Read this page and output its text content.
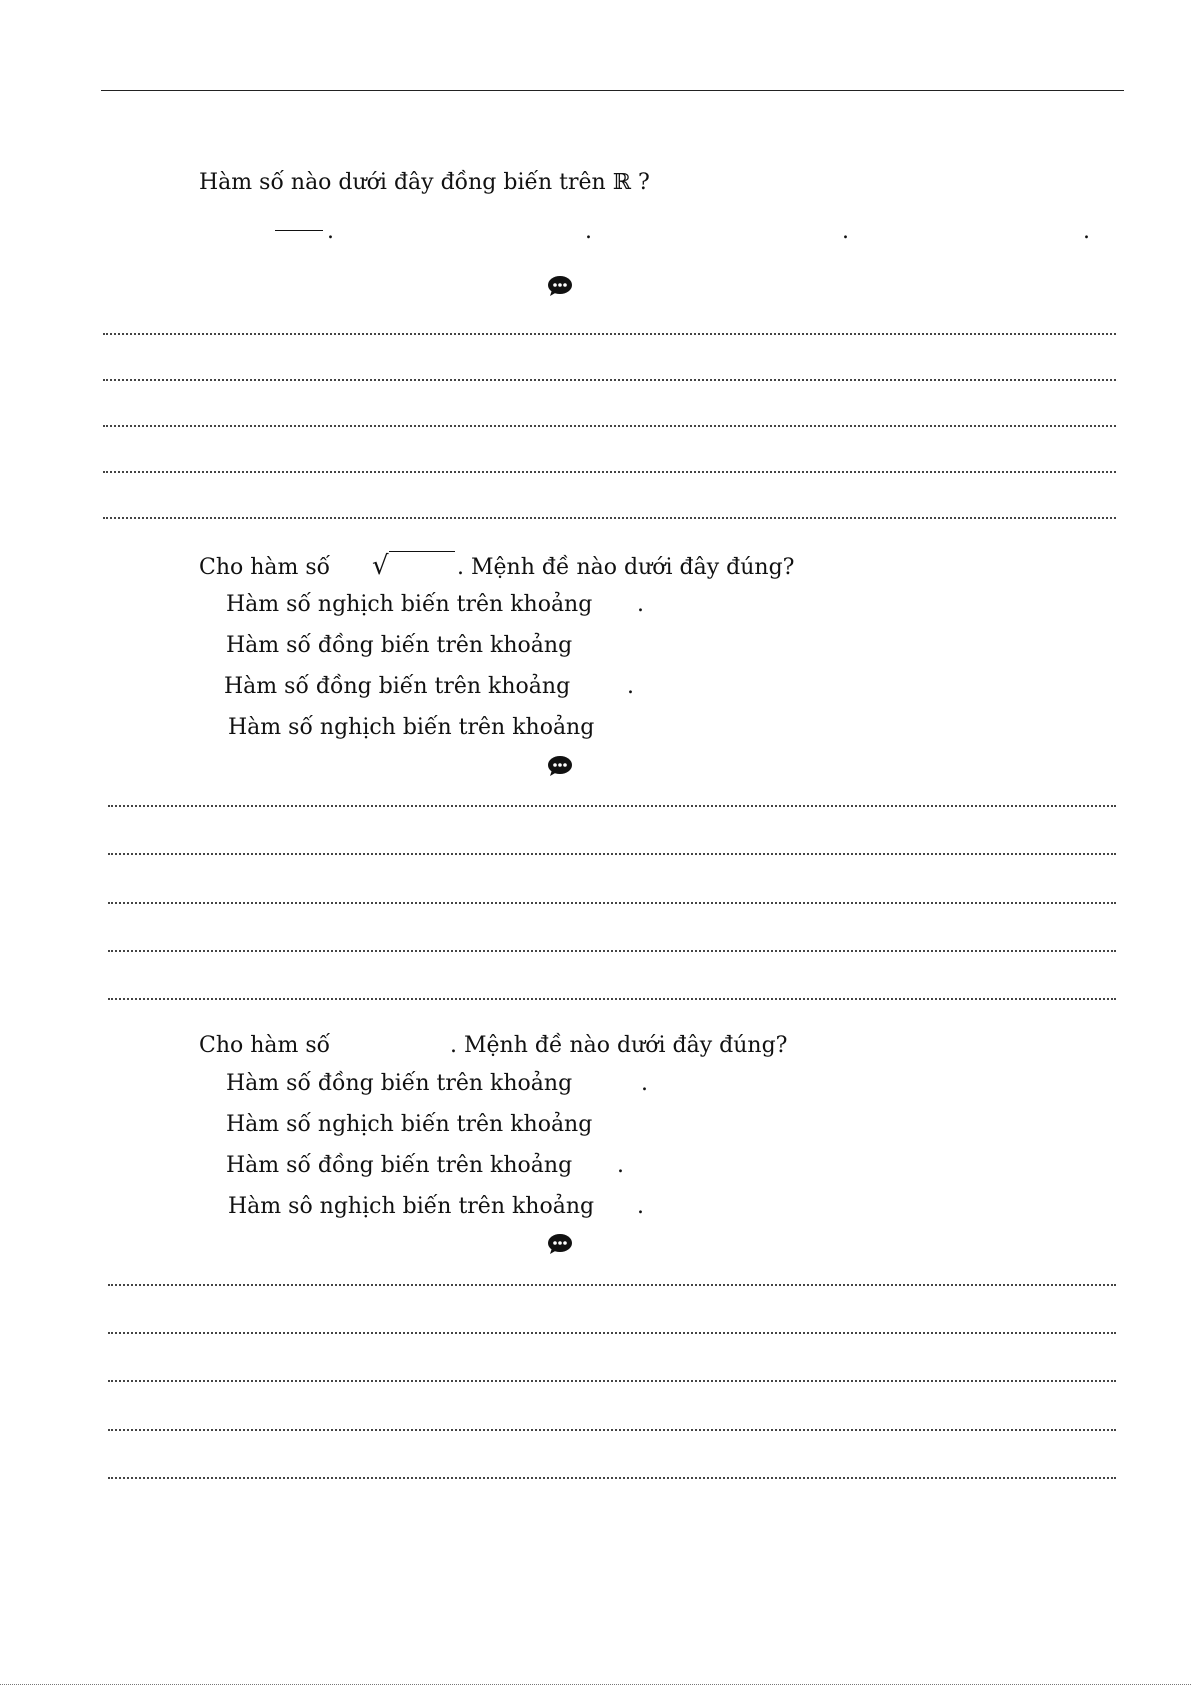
Hàm số nào dưới đây đồng biến trên ℝ ?
.	.	.	.
Cho hàm số √	. Mệnh đề nào dưới đây đúng?
Hàm số nghịch biến trên khoảng .
Hàm số đồng biến trên khoảng
Hàm số đồng biến trên khoảng	.
Hàm số nghịch biến trên khoảng
Cho hàm số	. Mệnh đề nào dưới đây đúng?
Hàm số đồng biến trên khoảng	.
Hàm số nghịch biến trên khoảng
Hàm số đồng biến trên khoảng .
Hàm sô nghịch biến trên khoảng .
